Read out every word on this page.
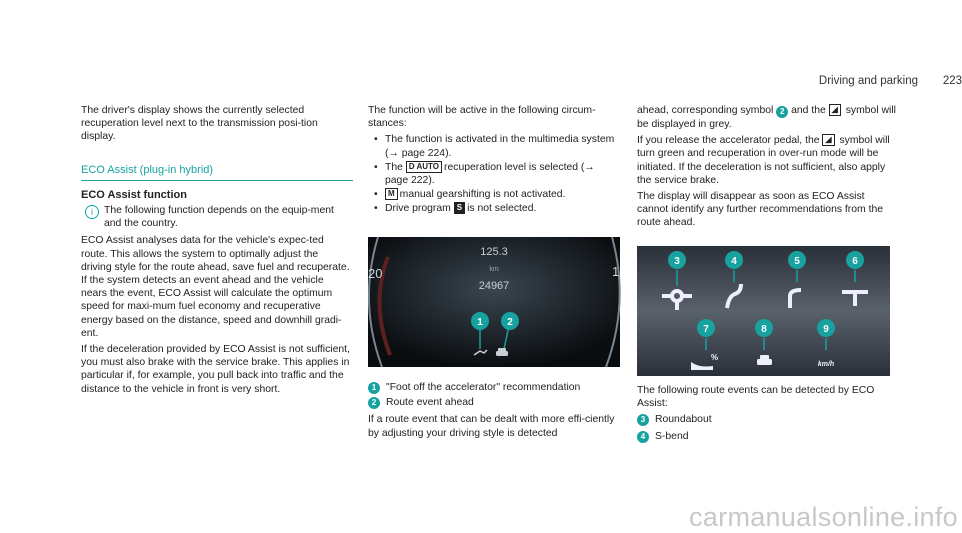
Driving and parking 223

The driver's display shows the currently selected recuperation level next to the transmission posi-tion display.

ECO Assist (plug-in hybrid)
ECO Assist function
i	The following function depends on the equip-ment and the country.

ECO Assist analyses data for the vehicle's expec-ted route. This allows the system to optimally adjust the driving style for the route ahead, save fuel and recuperate. If the system detects an event ahead and the vehicle nears the event, ECO Assist will calculate the optimum speed for maxi-mum fuel economy and recuperative energy based on the distance, speed and downhill gradi-ent.

If the deceleration provided by ECO Assist is not sufficient, you must also brake with the service brake. This applies in particular if, for example, you pull back into traffic and the distance to the vehicle in front is very short.

The function will be active in the following circum-stances:

• The function is activated in the multimedia system (→ page 224).
• The D AUTO recuperation level is selected (→ page 222).
• M manual gearshifting is not activated.
• Drive program S is not selected.
20	1
125.3
km
24967
1 2
1 "Foot off the accelerator" recommendation
2 Route event ahead

If a route event that can be dealt with more effi-ciently by adjusting your driving style is detected

ahead, corresponding symbol 2 and the ◢ symbol will be displayed in grey.

If you release the accelerator pedal, the ◢ symbol will turn green and recuperation in over-run mode will be initiated. If the deceleration is not sufficient, also apply the service brake.

The display will disappear as soon as ECO Assist cannot identify any further recommendations from the route ahead.

3	4	5	6
7	8	9
%
km/h

The following route events can be detected by ECO Assist:

3 Roundabout
4 S-bend
carmanualsonline.info
